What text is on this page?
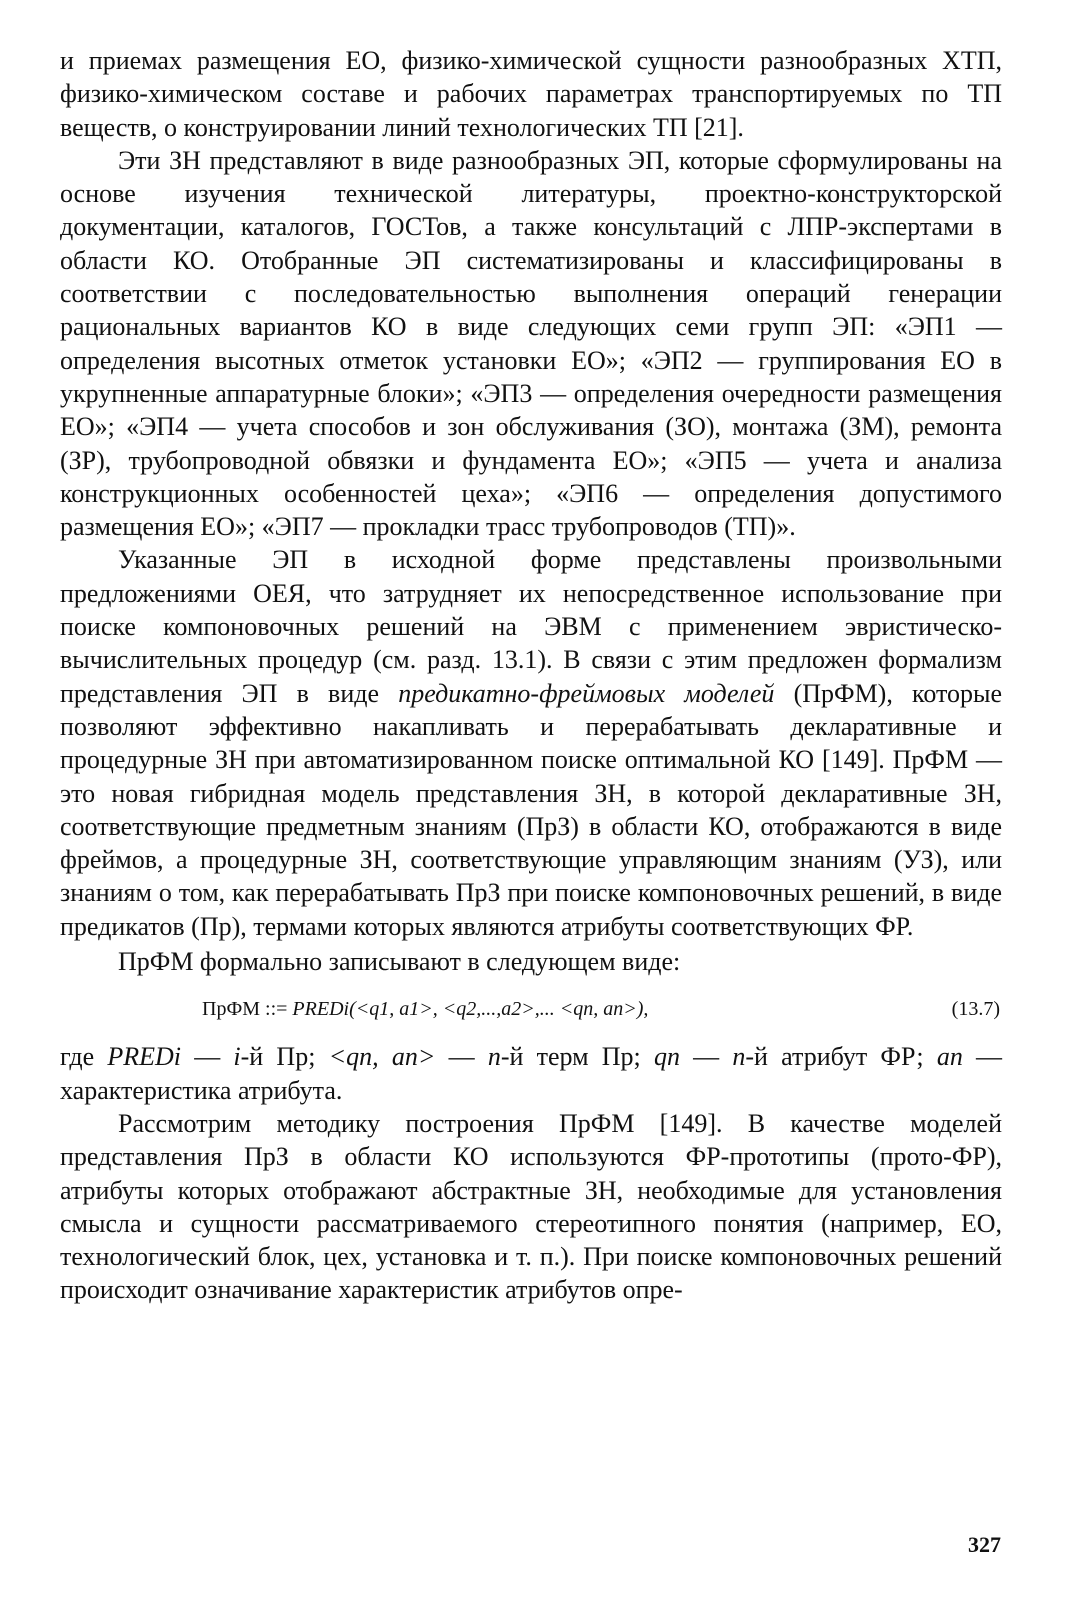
и приемах размещения ЕО, физико-химической сущности разнообразных ХТП, физико-химическом составе и рабочих параметрах транспортируемых по ТП веществ, о конструировании линий технологических ТП [21].

Эти ЗН представляют в виде разнообразных ЭП, которые сформулированы на основе изучения технической литературы, проектно-конструкторской документации, каталогов, ГОСТов, а также консультаций с ЛПР-экспертами в области КО. Отобранные ЭП систематизированы и классифицированы в соответствии с последовательностью выполнения операций генерации рациональных вариантов КО в виде следующих семи групп ЭП: «ЭП1 — определения высотных отметок установки ЕО»; «ЭП2 — группирования ЕО в укрупненные аппаратурные блоки»; «ЭП3 — определения очередности размещения ЕО»; «ЭП4 — учета способов и зон обслуживания (ЗО), монтажа (ЗМ), ремонта (ЗР), трубопроводной обвязки и фундамента ЕО»; «ЭП5 — учета и анализа конструкционных особенностей цеха»; «ЭП6 — определения допустимого размещения ЕО»; «ЭП7 — прокладки трасс трубопроводов (ТП)».

Указанные ЭП в исходной форме представлены произвольными предложениями ОЕЯ, что затрудняет их непосредственное использование при поиске компоновочных решений на ЭВМ с применением эвристическо-вычислительных процедур (см. разд. 13.1). В связи с этим предложен формализм представления ЭП в виде предикатно-фреймовых моделей (ПрФМ), которые позволяют эффективно накапливать и перерабатывать декларативные и процедурные ЗН при автоматизированном поиске оптимальной КО [149]. ПрФМ — это новая гибридная модель представления ЗН, в которой декларативные ЗН, соответствующие предметным знаниям (ПрЗ) в области КО, отображаются в виде фреймов, а процедурные ЗН, соответствующие управляющим знаниям (УЗ), или знаниям о том, как перерабатывать ПрЗ при поиске компоновочных решений, в виде предикатов (Пр), термами которых являются атрибуты соответствующих ФР.

ПрФМ формально записывают в следующем виде:

ПрФМ ::= PREDi(<q1, a1>, <q2,...,a2>,... <qn, an>),	(13.7)

где PREDi — i-й Пр; <qn, an> — n-й терм Пр; qn — n-й атрибут ФР; an — характеристика атрибута.

Рассмотрим методику построения ПрФМ [149]. В качестве моделей представления ПрЗ в области КО используются ФР-прототипы (прото-ФР), атрибуты которых отображают абстрактные ЗН, необходимые для установления смысла и сущности рассматриваемого стереотипного понятия (например, ЕО, технологический блок, цех, установка и т. п.). При поиске компоновочных решений происходит означивание характеристик атрибутов опре-

327
